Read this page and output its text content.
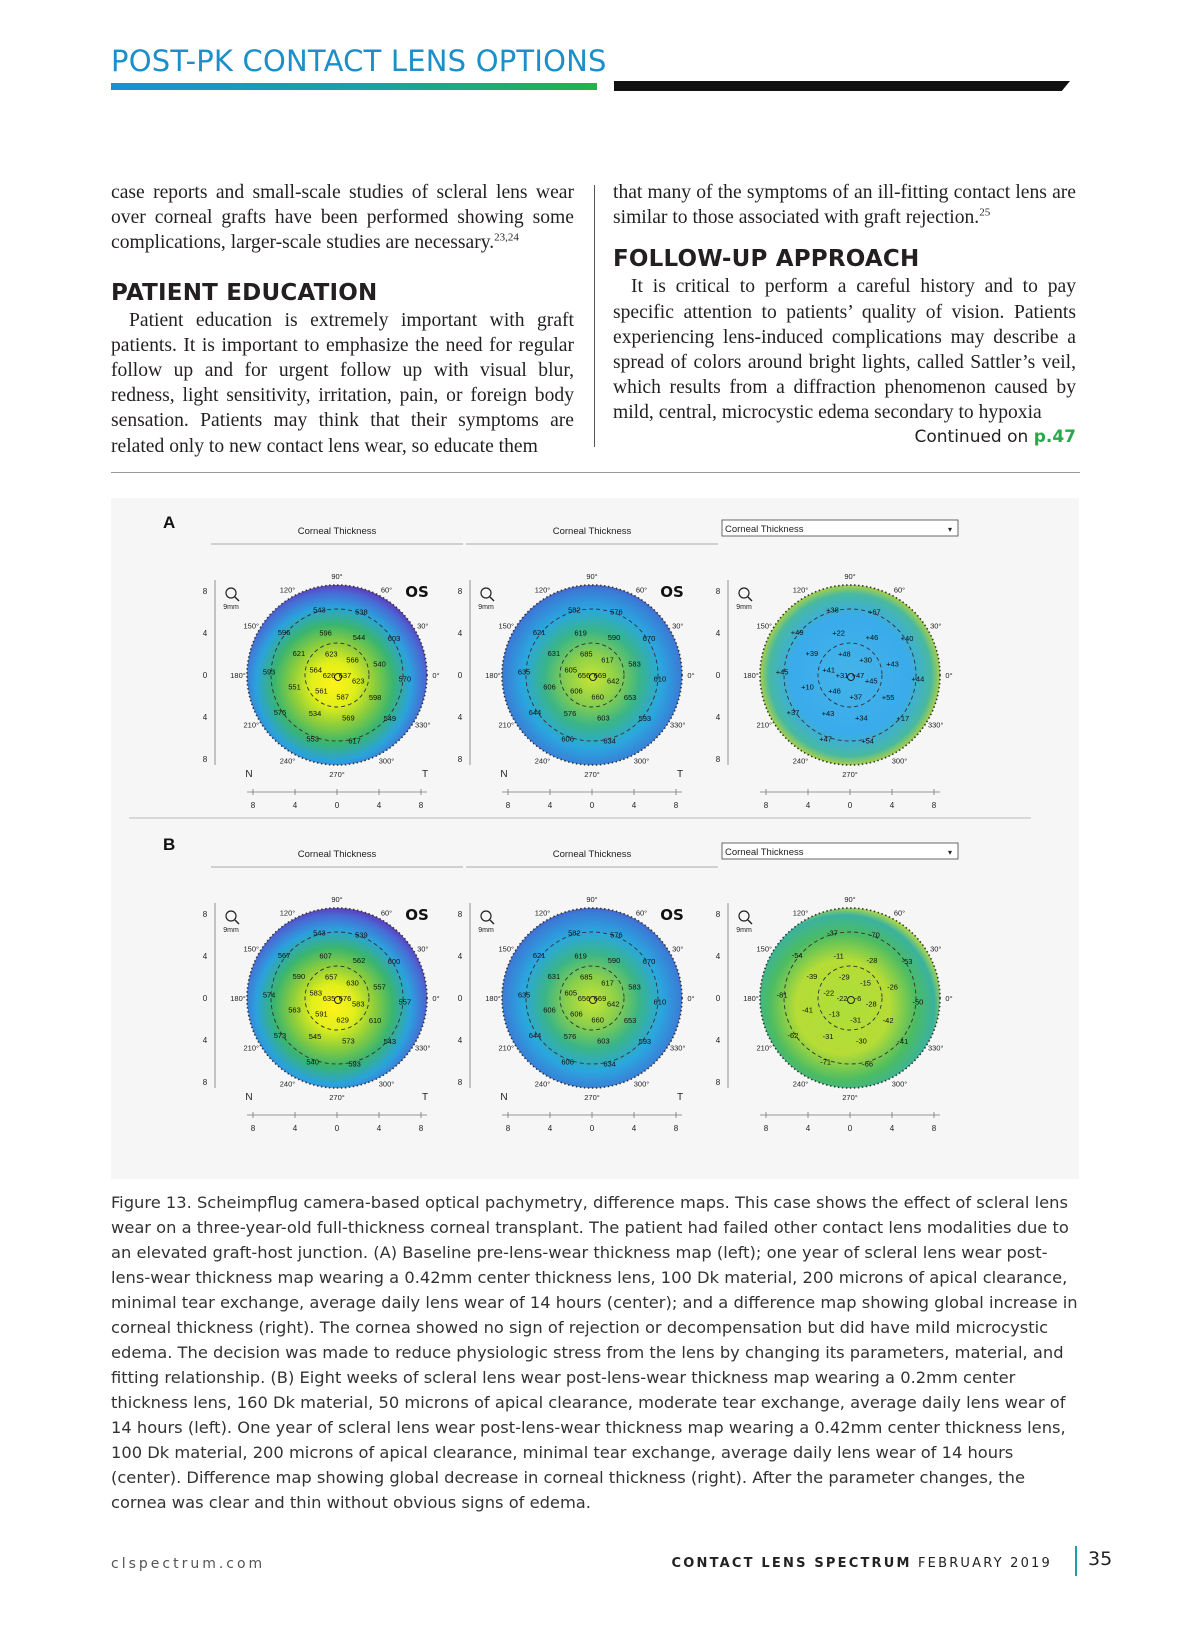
POST-PK CONTACT LENS OPTIONS

case reports and small-scale studies of scleral lens wear over corneal grafts have been performed showing some complications, larger-scale studies are necessary.$^{23,24}$

PATIENT EDUCATION

Patient education is extremely important with graft patients. It is important to emphasize the need for regular follow up and for urgent follow up with visual blur, redness, light sensitivity, irritation, pain, or foreign body sensation. Patients may think that their symptoms are related only to new contact lens wear, so educate them

that many of the symptoms of an ill-fitting contact lens are similar to those associated with graft rejection.$^{25}$

FOLLOW-UP APPROACH

It is critical to perform a careful history and to pay specific attention to patients’ quality of vision. Patients experiencing lens-induced complications may describe a spread of colors around bright lights, called Sattler’s veil, which results from a diffraction phenomenon caused by mild, central, microcystic edema secondary to hypoxia

Continued on p.47
A
B
Corneal Thickness
8
4
0
4
8
8	4	0	4	8
90°
60°
30°
0°
330°
300°
270°
240°
210°
180°
150°
120°
9mm
OS
N	T
626 637
623
566
623
587
561
564
596	544
540
598
569
534
551
621
543	538
603
570
549
617
553
576
593
596
Corneal Thickness
8
4
0
4
8
8	4	0	4	8
90°
60°
30°
0°
330°
300°
270°
240°
210°
180°
150°
120°
9mm
OS
N	T
656 669
685
617
642
660
606
605
619	590
583
653
603
576
606
631
582	576
670
610
593
634
606
644
635
621
Corneal Thickness	▾
8
4
0
4
8
8	4	0	4	8
90°
60°
30°
0°
330°
300°
270°
240°
210°
180°
150°
120°
9mm
+31 +47
+48
+30
+45
+37
+46
+41
+22	+46
+43
+55
+34
+43
+10
+39
+38	+67
+40
+44
+17
+54
+47
+37
+45
+49
Corneal Thickness
8
4
0
4
8
8	4	0	4	8
90°
60°
30°
0°
330°
300°
270°
240°
210°
180°
150°
120°
9mm
OS
N	T
635 676
657
630
583
629
591
583
607	562
557
610
573
545
563
590
543	539
600
557
543
593
540
573
574
567
Corneal Thickness
8
4
0
4
8
8	4	0	4	8
90°
60°
30°
0°
330°
300°
270°
240°
210°
180°
150°
120°
9mm
OS
N	T
656 669
685
617
642
660
606
605
619	590
583
653
603
576
606
631
582	576
670
610
593
634
606
644
635
621
Corneal Thickness	▾
8
4
0
4
8
8	4	0	4	8
90°
60°
30°
0°
330°
300°
270°
240°
210°
180°
150°
120°
9mm
-22 -6
-29
-15
-28
-31
-13
-22
-11	-28
-26
-42
-30
-31
-41
-39
-37	-70
-53
-50
-41
-66
-71
-62
-81
-54
Figure 13. Scheimpflug camera-based optical pachymetry, difference maps. This case shows the effect of scleral lens wear on a three-year-old full-thickness corneal transplant. The patient had failed other contact lens modalities due to an elevated graft-host junction. (A) Baseline pre-lens-wear thickness map (left); one year of scleral lens wear post-lens-wear thickness map wearing a 0.42mm center thickness lens, 100 Dk material, 200 microns of apical clearance, minimal tear exchange, average daily lens wear of 14 hours (center); and a difference map showing global increase in corneal thickness (right). The cornea showed no sign of rejection or decompensation but did have mild microcystic edema. The decision was made to reduce physiologic stress from the lens by changing its parameters, material, and fitting relationship. (B) Eight weeks of scleral lens wear post-lens-wear thickness map wearing a 0.2mm center thickness lens, 160 Dk material, 50 microns of apical clearance, moderate tear exchange, average daily lens wear of 14 hours (left). One year of scleral lens wear post-lens-wear thickness map wearing a 0.42mm center thickness lens, 100 Dk material, 200 microns of apical clearance, minimal tear exchange, average daily lens wear of 14 hours (center). Difference map showing global decrease in corneal thickness (right). After the parameter changes, the cornea was clear and thin without obvious signs of edema.
clspectrum.com	CONTACT LENS SPECTRUM FEBRUARY 2019 35
